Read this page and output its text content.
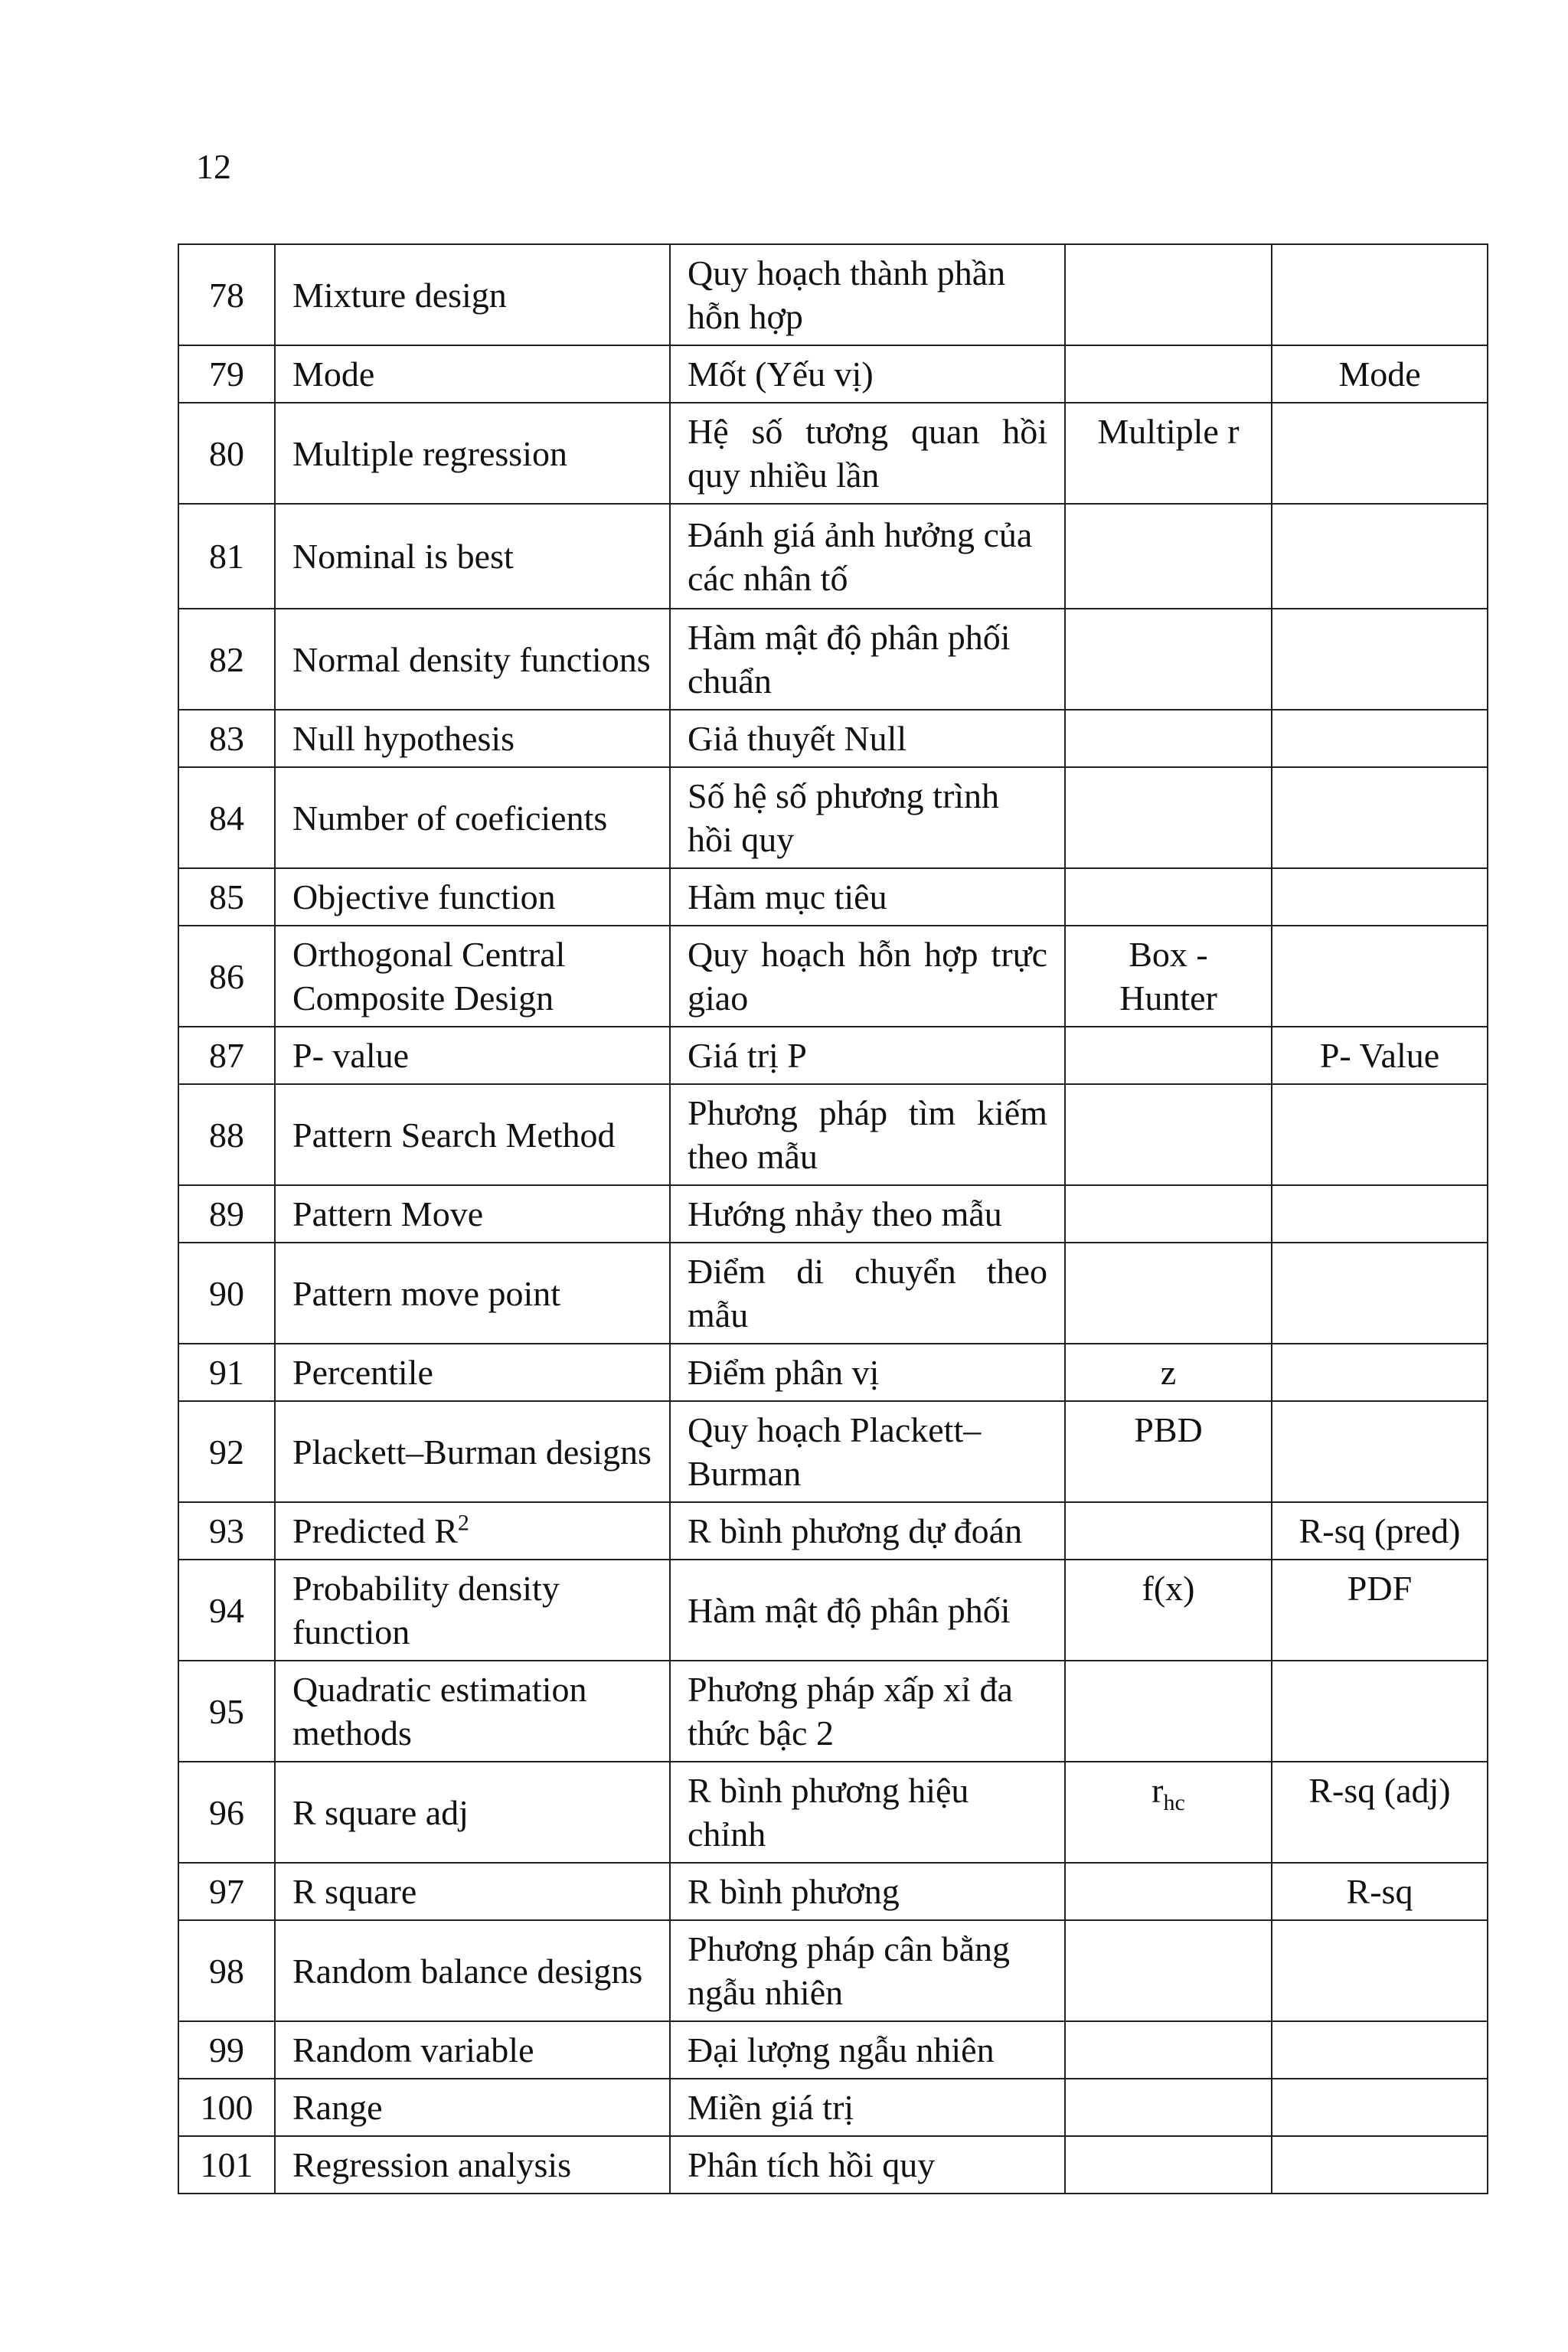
12
78	Mixture design	Quy hoạch thành phần hỗn hợp		
79	Mode	Mốt (Yếu vị)		Mode
80	Multiple regression	Hệ số tương quan hồi quy nhiều lần	Multiple r	
81	Nominal is best	Đánh giá ảnh hưởng của các nhân tố		
82	Normal density functions	Hàm mật độ phân phối chuẩn		
83	Null hypothesis	Giả thuyết Null		
84	Number of coeficients	Số hệ số phương trình hồi quy		
85	Objective function	Hàm mục tiêu		
86	Orthogonal Central Composite Design	Quy hoạch hỗn hợp trực giao	Box - Hunter	
87	P- value	Giá trị P		P- Value
88	Pattern Search Method	Phương pháp tìm kiếm theo mẫu		
89	Pattern Move	Hướng nhảy theo mẫu		
90	Pattern move point	Điểm di chuyển theo mẫu		
91	Percentile	Điểm phân vị	z	
92	Plackett–Burman designs	Quy hoạch Plackett–Burman	PBD	
93	Predicted $R^2$	R bình phương dự đoán		R-sq (pred)
94	Probability density function	Hàm mật độ phân phối	f(x)	PDF
95	Quadratic estimation methods	Phương pháp xấp xỉ đa thức bậc 2		
96	R square adj	R bình phương hiệu chỉnh	$r_{hc}$	R-sq (adj)
97	R square	R bình phương		R-sq
98	Random balance designs	Phương pháp cân bằng ngẫu nhiên		
99	Random variable	Đại lượng ngẫu nhiên		
100	Range	Miền giá trị		
101	Regression analysis	Phân tích hồi quy		
